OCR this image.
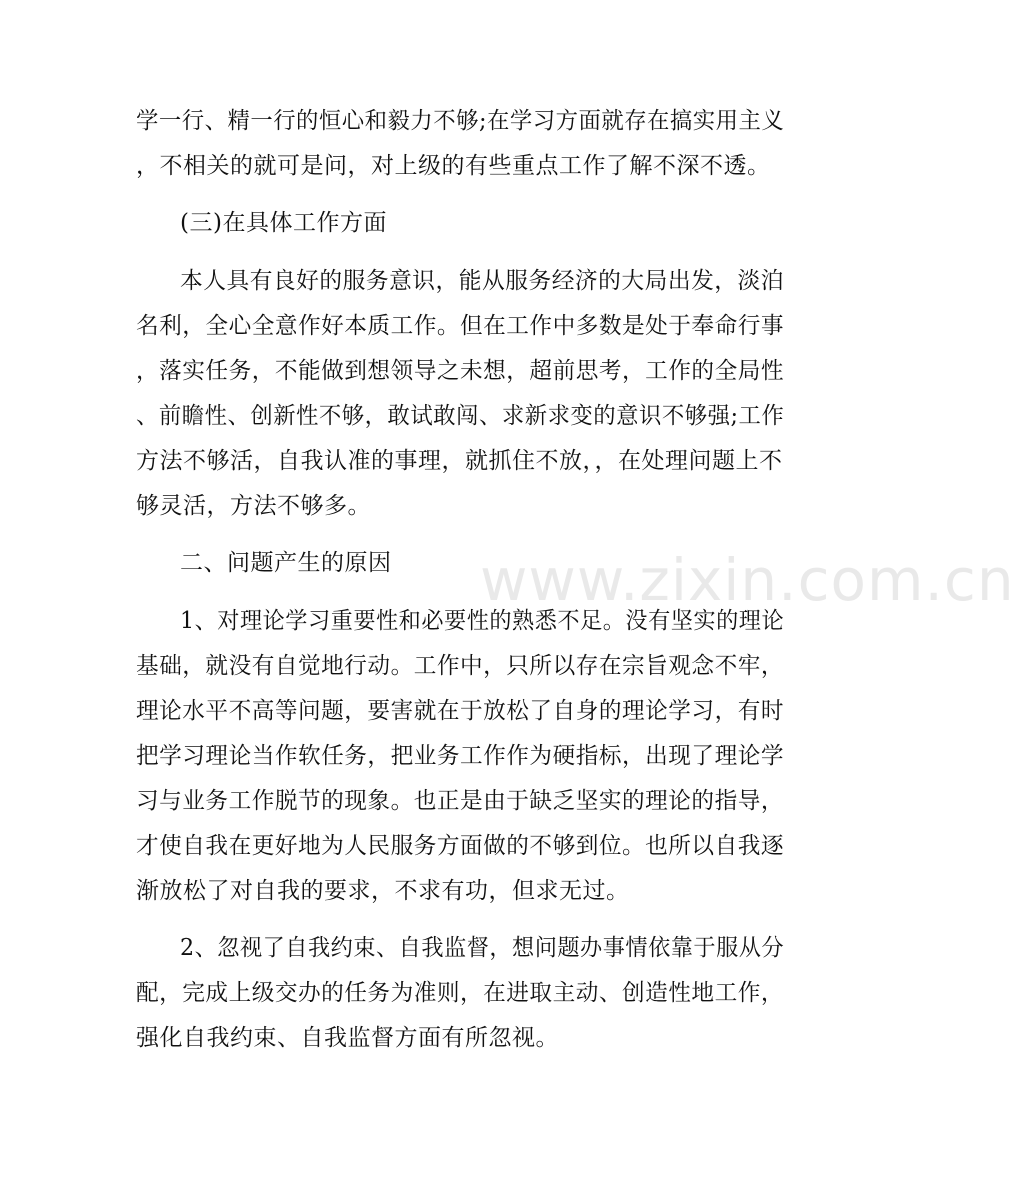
www.zixin.com.cn

学一行、精一行的恒心和毅力不够;在学习方面就存在搞实用主义

，不相关的就可是问，对上级的有些重点工作了解不深不透。

(三)在具体工作方面

本人具有良好的服务意识，能从服务经济的大局出发，淡泊

名利，全心全意作好本质工作。但在工作中多数是处于奉命行事

，落实任务，不能做到想领导之未想，超前思考，工作的全局性

、前瞻性、创新性不够，敢试敢闯、求新求变的意识不够强;工作

方法不够活，自我认准的事理，就抓住不放，，在处理问题上不

够灵活，方法不够多。

二、问题产生的原因

1、对理论学习重要性和必要性的熟悉不足。没有坚实的理论

基础，就没有自觉地行动。工作中，只所以存在宗旨观念不牢，

理论水平不高等问题，要害就在于放松了自身的理论学习，有时

把学习理论当作软任务，把业务工作作为硬指标，出现了理论学

习与业务工作脱节的现象。也正是由于缺乏坚实的理论的指导，

才使自我在更好地为人民服务方面做的不够到位。也所以自我逐

渐放松了对自我的要求，不求有功，但求无过。

2、忽视了自我约束、自我监督，想问题办事情依靠于服从分

配，完成上级交办的任务为准则，在进取主动、创造性地工作，

强化自我约束、自我监督方面有所忽视。
